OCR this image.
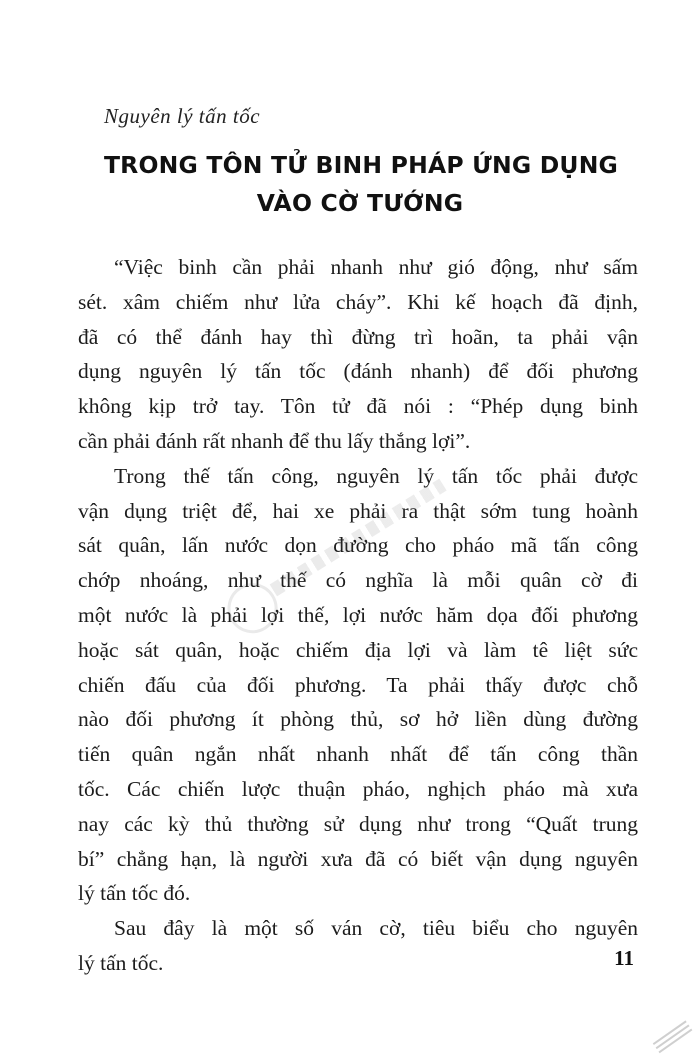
Nguyên lý tấn tốc
TRONG TÔN TỬ BINH PHÁP ỨNG DỤNG
VÀO CỜ TƯỚNG
“Việc binh cần phải nhanh như gió động, như sấm
sét. xâm chiếm như lửa cháy”. Khi kế hoạch đã định,
đã có thể đánh hay thì đừng trì hoãn, ta phải vận
dụng nguyên lý tấn tốc (đánh nhanh) để đối phương
không kịp trở tay. Tôn tử đã nói : “Phép dụng binh
cần phải đánh rất nhanh để thu lấy thắng lợi”.
Trong thế tấn công, nguyên lý tấn tốc phải được
vận dụng triệt để, hai xe phải ra thật sớm tung hoành
sát quân, lấn nước dọn đường cho pháo mã tấn công
chớp nhoáng, như thế có nghĩa là mỗi quân cờ đi
một nước là phải lợi thế, lợi nước hăm dọa đối phương
hoặc sát quân, hoặc chiếm địa lợi và làm tê liệt sức
chiến đấu của đối phương. Ta phải thấy được chỗ
nào đối phương ít phòng thủ, sơ hở liền dùng đường
tiến quân ngắn nhất nhanh nhất để tấn công thần
tốc. Các chiến lược thuận pháo, nghịch pháo mà xưa
nay các kỳ thủ thường sử dụng như trong “Quất trung
bí” chẳng hạn, là người xưa đã có biết vận dụng nguyên
lý tấn tốc đó.
Sau đây là một số ván cờ, tiêu biểu cho nguyên
lý tấn tốc.	11
